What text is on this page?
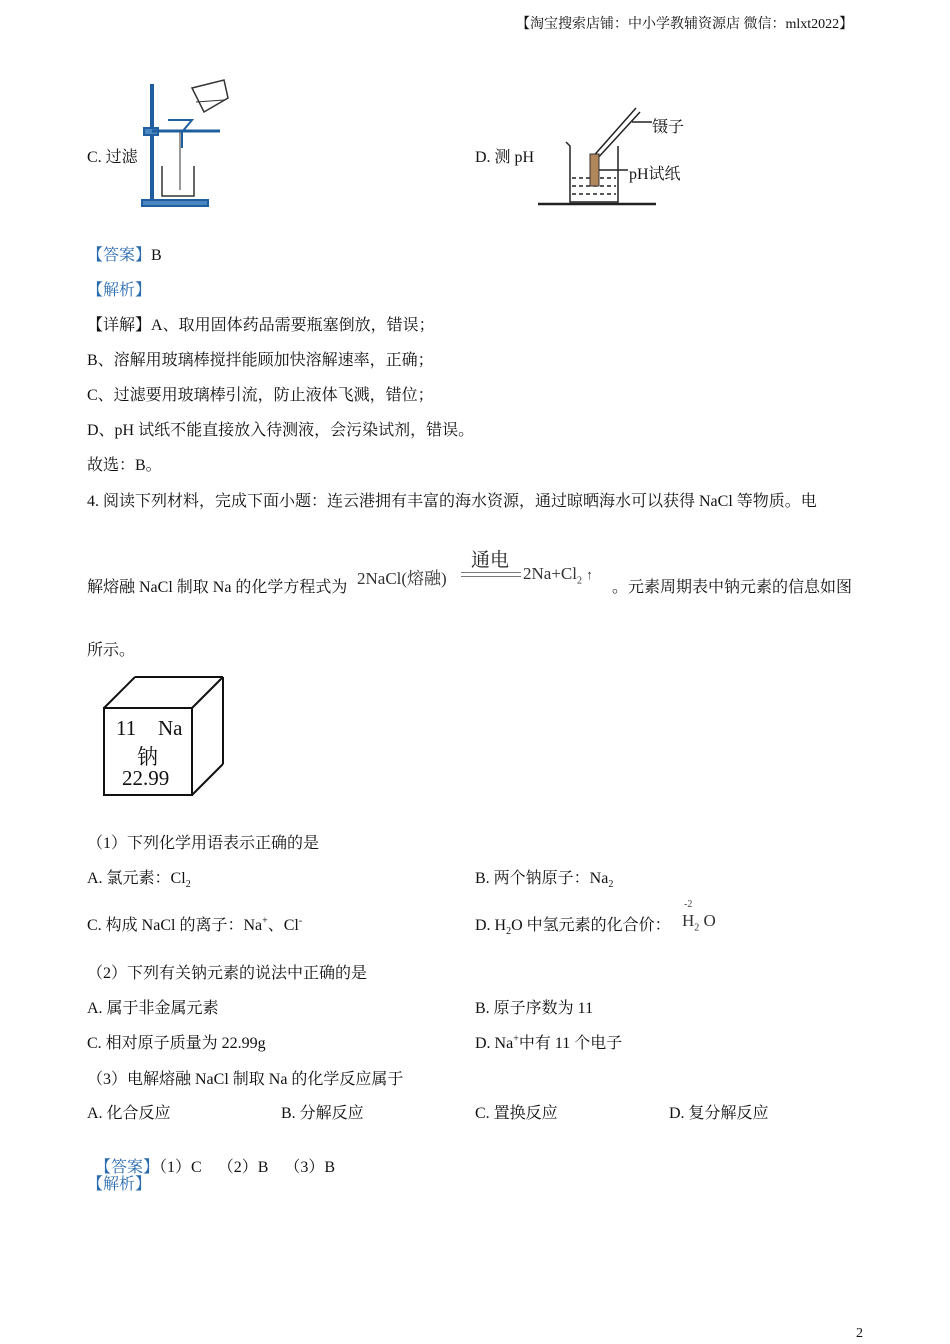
【淘宝搜索店铺：中小学教辅资源店 微信：mlxt2022】
C. 过滤	D. 测 pH
镊子
pH试纸
【答案】B
【解析】
【详解】A、取用固体药品需要瓶塞倒放，错误；
B、溶解用玻璃棒搅拌能顾加快溶解速率，正确；
C、过滤要用玻璃棒引流，防止液体飞溅，错位；
D、pH 试纸不能直接放入待测液，会污染试剂，错误。
故选：B。
4. 阅读下列材料，完成下面小题：连云港拥有丰富的海水资源，通过晾晒海水可以获得 NaCl 等物质。电
解熔融 NaCl 制取 Na 的化学方程式为 2NaCl(熔融)
通电
$2Na+Cl_2$ ↑
。元素周期表中钠元素的信息如图
所示。
11 Na
钠
22.99
（1）下列化学用语表示正确的是
A. 氯元素：$Cl_2$	B. 两个钠原子：$Na_2$
C. 构成 NaCl 的离子：Na+、Cl-	D. $H_2O$ 中氢元素的化合价：
-2
$H_2$ O
（2）下列有关钠元素的说法中正确的是
A. 属于非金属元素	B. 原子序数为 11
C. 相对原子质量为 22.99g	D. Na+中有 11 个电子
（3）电解熔融 NaCl 制取 Na 的化学反应属于
A. 化合反应	B. 分解反应	C. 置换反应	D. 复分解反应

【答案】（1）C    （2）B    （3）B

【解析】
2
